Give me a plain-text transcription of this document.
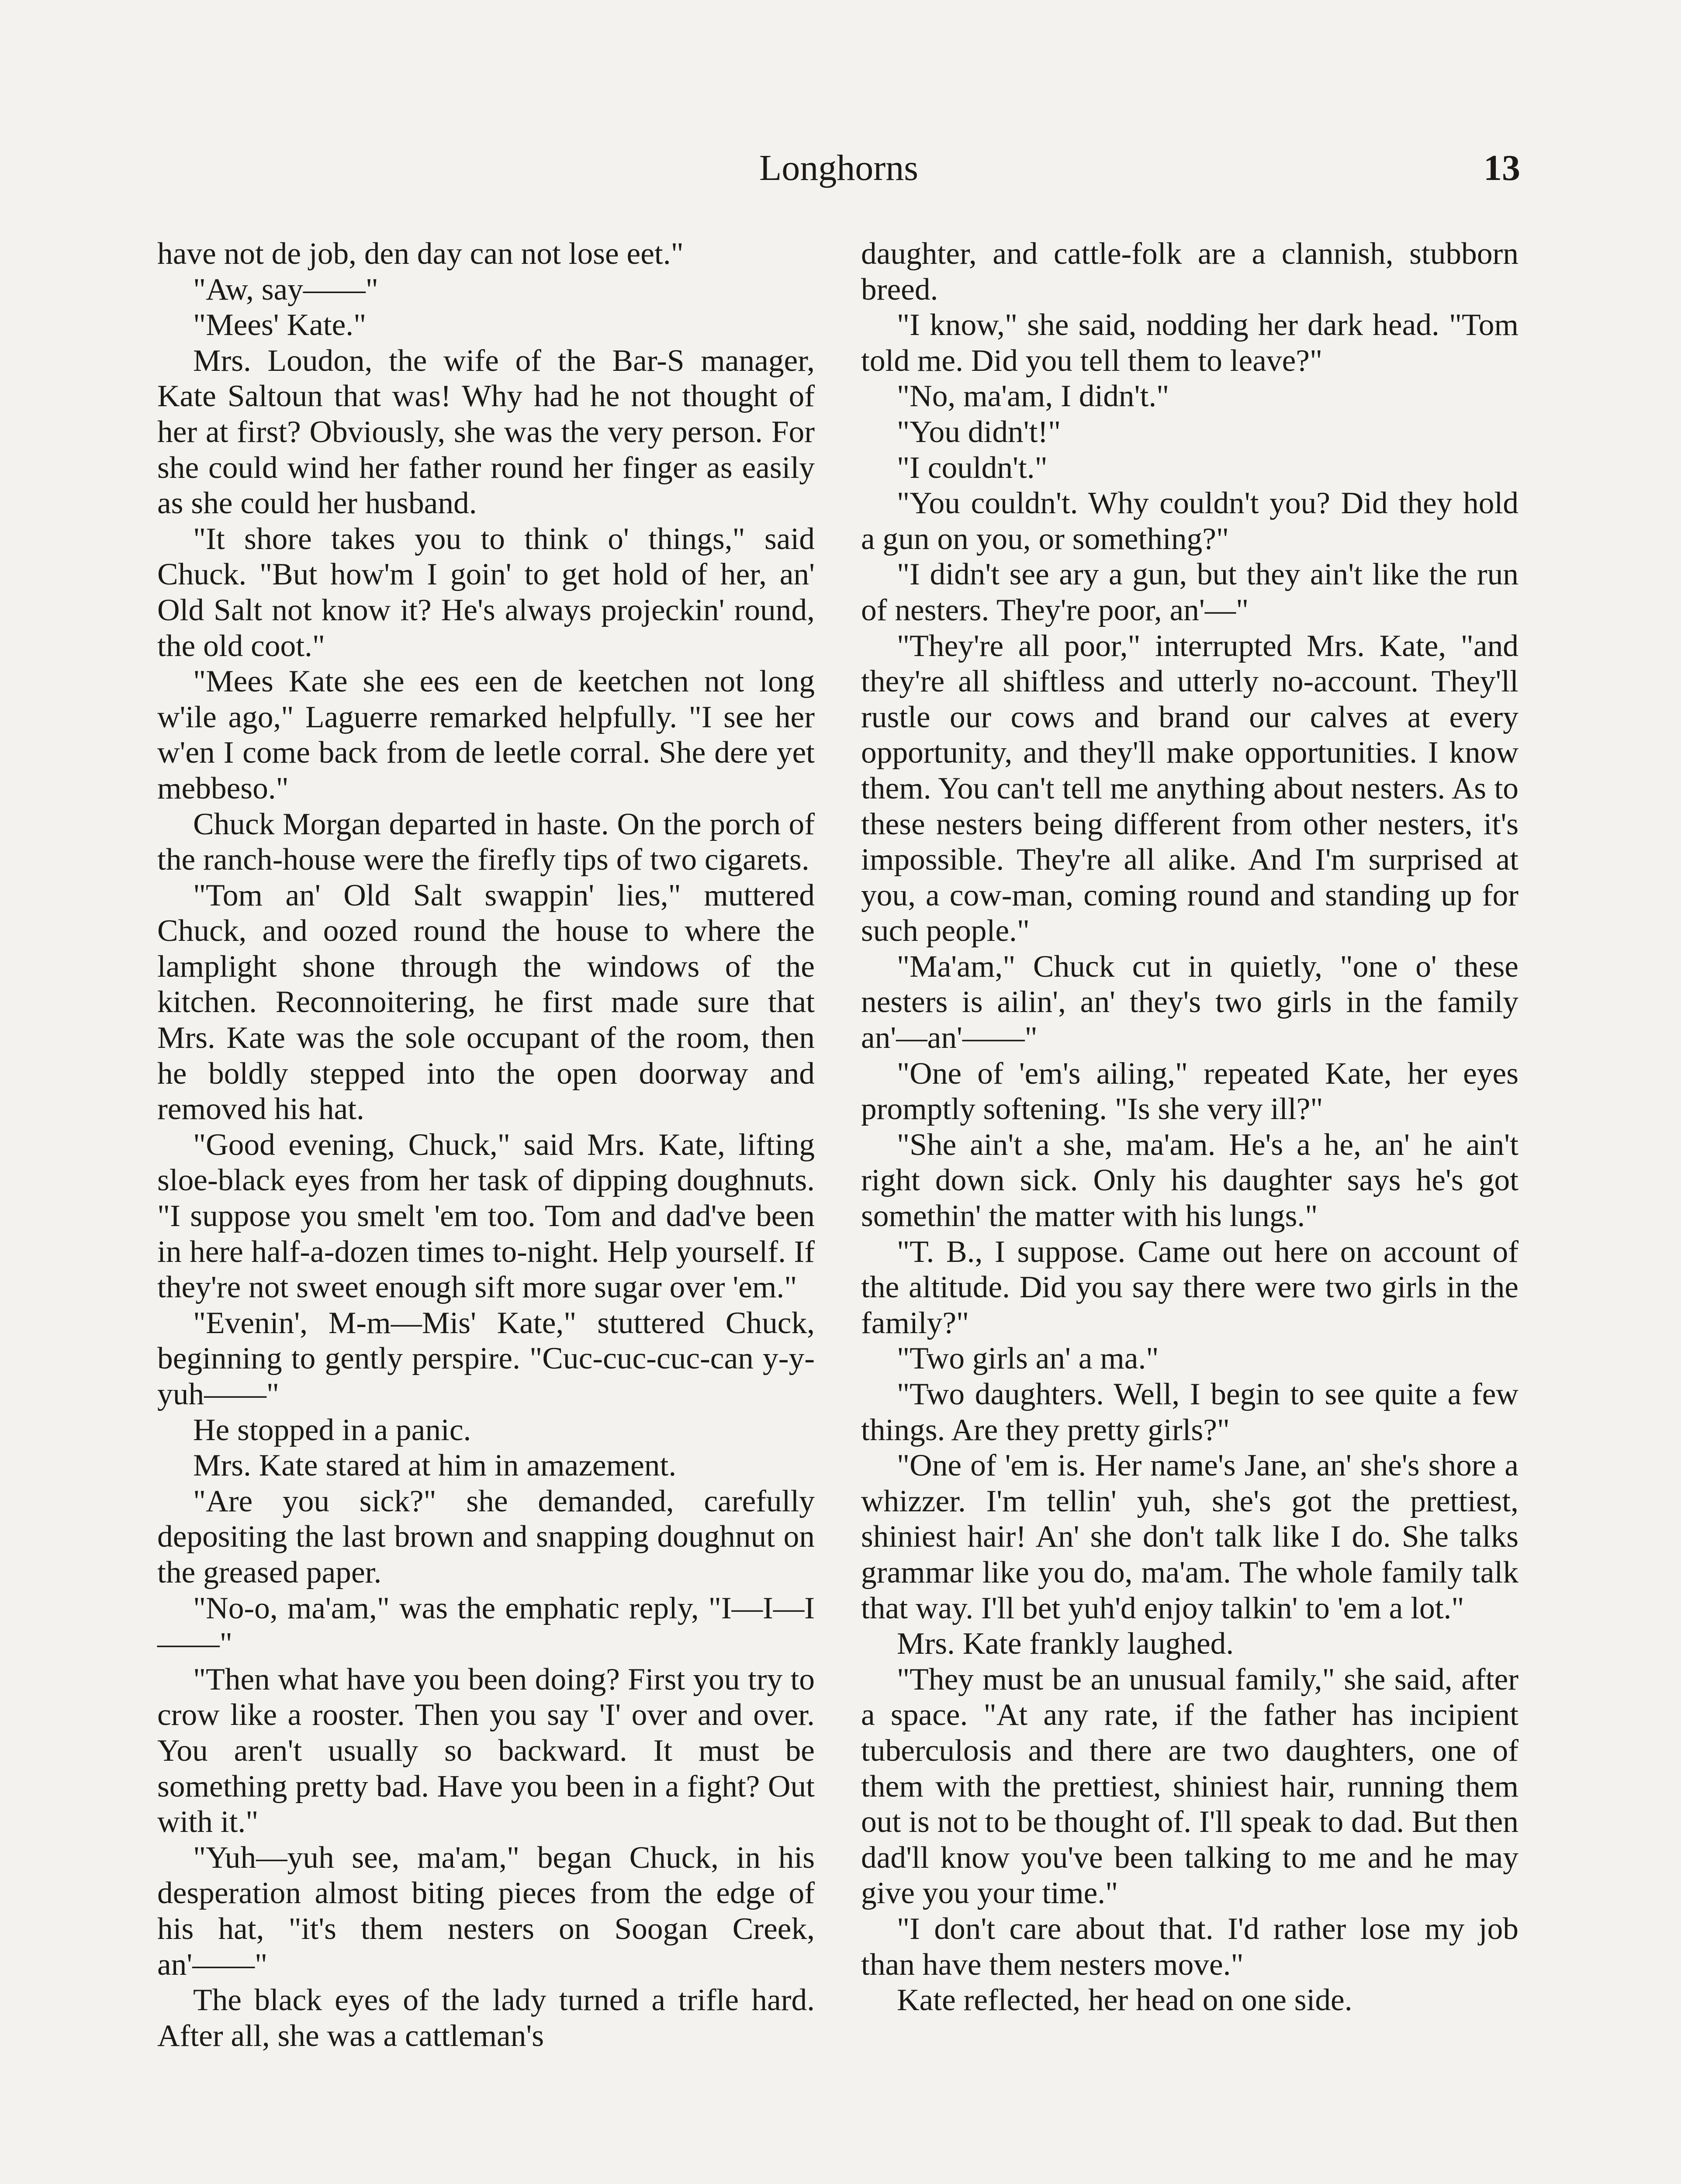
Longhorns	13

have not de job, den day can not lose eet."

"Aw, say——"

"Mees' Kate."

Mrs. Loudon, the wife of the Bar-S manager, Kate Saltoun that was! Why had he not thought of her at first? Obviously, she was the very person. For she could wind her father round her finger as easily as she could her husband.

"It shore takes you to think o' things," said Chuck. "But how'm I goin' to get hold of her, an' Old Salt not know it? He's always projeckin' round, the old coot."

"Mees Kate she ees een de keetchen not long w'ile ago," Laguerre remarked helpfully. "I see her w'en I come back from de leetle corral. She dere yet mebbeso."

Chuck Morgan departed in haste. On the porch of the ranch-house were the firefly tips of two cigarets.

"Tom an' Old Salt swappin' lies," muttered Chuck, and oozed round the house to where the lamplight shone through the windows of the kitchen. Reconnoitering, he first made sure that Mrs. Kate was the sole occupant of the room, then he boldly stepped into the open doorway and removed his hat.

"Good evening, Chuck," said Mrs. Kate, lifting sloe-black eyes from her task of dipping doughnuts. "I suppose you smelt 'em too. Tom and dad've been in here half-a-dozen times to-night. Help yourself. If they're not sweet enough sift more sugar over 'em."

"Evenin', M-m—Mis' Kate," stuttered Chuck, beginning to gently perspire. "Cuc-cuc-cuc-can y-y-yuh——"

He stopped in a panic.

Mrs. Kate stared at him in amazement.

"Are you sick?" she demanded, carefully depositing the last brown and snapping doughnut on the greased paper.

"No-o, ma'am," was the emphatic reply, "I—I—I——"

"Then what have you been doing? First you try to crow like a rooster. Then you say 'I' over and over. You aren't usually so backward. It must be something pretty bad. Have you been in a fight? Out with it."

"Yuh—yuh see, ma'am," began Chuck, in his desperation almost biting pieces from the edge of his hat, "it's them nesters on Soogan Creek, an'——"

The black eyes of the lady turned a trifle hard. After all, she was a cattleman's

daughter, and cattle-folk are a clannish, stubborn breed.

"I know," she said, nodding her dark head. "Tom told me. Did you tell them to leave?"

"No, ma'am, I didn't."

"You didn't!"

"I couldn't."

"You couldn't. Why couldn't you? Did they hold a gun on you, or something?"

"I didn't see ary a gun, but they ain't like the run of nesters. They're poor, an'—"

"They're all poor," interrupted Mrs. Kate, "and they're all shiftless and utterly no-account. They'll rustle our cows and brand our calves at every opportunity, and they'll make opportunities. I know them. You can't tell me anything about nesters. As to these nesters being different from other nesters, it's impossible. They're all alike. And I'm surprised at you, a cow-man, coming round and standing up for such people."

"Ma'am," Chuck cut in quietly, "one o' these nesters is ailin', an' they's two girls in the family an'—an'——"

"One of 'em's ailing," repeated Kate, her eyes promptly softening. "Is she very ill?"

"She ain't a she, ma'am. He's a he, an' he ain't right down sick. Only his daughter says he's got somethin' the matter with his lungs."

"T. B., I suppose. Came out here on account of the altitude. Did you say there were two girls in the family?"

"Two girls an' a ma."

"Two daughters. Well, I begin to see quite a few things. Are they pretty girls?"

"One of 'em is. Her name's Jane, an' she's shore a whizzer. I'm tellin' yuh, she's got the prettiest, shiniest hair! An' she don't talk like I do. She talks grammar like you do, ma'am. The whole family talk that way. I'll bet yuh'd enjoy talkin' to 'em a lot."

Mrs. Kate frankly laughed.

"They must be an unusual family," she said, after a space. "At any rate, if the father has incipient tuberculosis and there are two daughters, one of them with the prettiest, shiniest hair, running them out is not to be thought of. I'll speak to dad. But then dad'll know you've been talking to me and he may give you your time."

"I don't care about that. I'd rather lose my job than have them nesters move."

Kate reflected, her head on one side.
